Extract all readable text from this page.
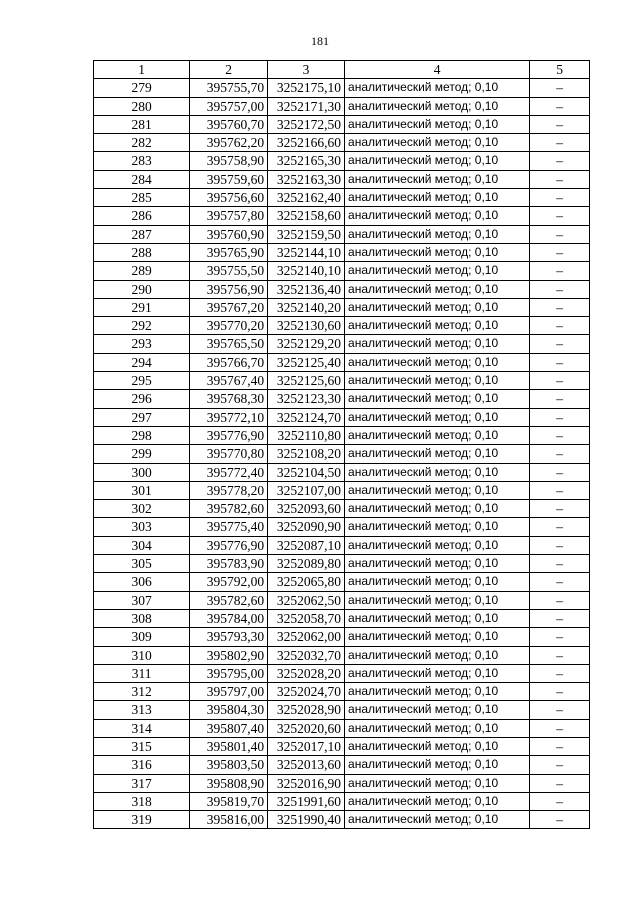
181
1	2	3	4	5
279	395755,70	3252175,10	аналитический метод; 0,10	–
280	395757,00	3252171,30	аналитический метод; 0,10	–
281	395760,70	3252172,50	аналитический метод; 0,10	–
282	395762,20	3252166,60	аналитический метод; 0,10	–
283	395758,90	3252165,30	аналитический метод; 0,10	–
284	395759,60	3252163,30	аналитический метод; 0,10	–
285	395756,60	3252162,40	аналитический метод; 0,10	–
286	395757,80	3252158,60	аналитический метод; 0,10	–
287	395760,90	3252159,50	аналитический метод; 0,10	–
288	395765,90	3252144,10	аналитический метод; 0,10	–
289	395755,50	3252140,10	аналитический метод; 0,10	–
290	395756,90	3252136,40	аналитический метод; 0,10	–
291	395767,20	3252140,20	аналитический метод; 0,10	–
292	395770,20	3252130,60	аналитический метод; 0,10	–
293	395765,50	3252129,20	аналитический метод; 0,10	–
294	395766,70	3252125,40	аналитический метод; 0,10	–
295	395767,40	3252125,60	аналитический метод; 0,10	–
296	395768,30	3252123,30	аналитический метод; 0,10	–
297	395772,10	3252124,70	аналитический метод; 0,10	–
298	395776,90	3252110,80	аналитический метод; 0,10	–
299	395770,80	3252108,20	аналитический метод; 0,10	–
300	395772,40	3252104,50	аналитический метод; 0,10	–
301	395778,20	3252107,00	аналитический метод; 0,10	–
302	395782,60	3252093,60	аналитический метод; 0,10	–
303	395775,40	3252090,90	аналитический метод; 0,10	–
304	395776,90	3252087,10	аналитический метод; 0,10	–
305	395783,90	3252089,80	аналитический метод; 0,10	–
306	395792,00	3252065,80	аналитический метод; 0,10	–
307	395782,60	3252062,50	аналитический метод; 0,10	–
308	395784,00	3252058,70	аналитический метод; 0,10	–
309	395793,30	3252062,00	аналитический метод; 0,10	–
310	395802,90	3252032,70	аналитический метод; 0,10	–
311	395795,00	3252028,20	аналитический метод; 0,10	–
312	395797,00	3252024,70	аналитический метод; 0,10	–
313	395804,30	3252028,90	аналитический метод; 0,10	–
314	395807,40	3252020,60	аналитический метод; 0,10	–
315	395801,40	3252017,10	аналитический метод; 0,10	–
316	395803,50	3252013,60	аналитический метод; 0,10	–
317	395808,90	3252016,90	аналитический метод; 0,10	–
318	395819,70	3251991,60	аналитический метод; 0,10	–
319	395816,00	3251990,40	аналитический метод; 0,10	–
